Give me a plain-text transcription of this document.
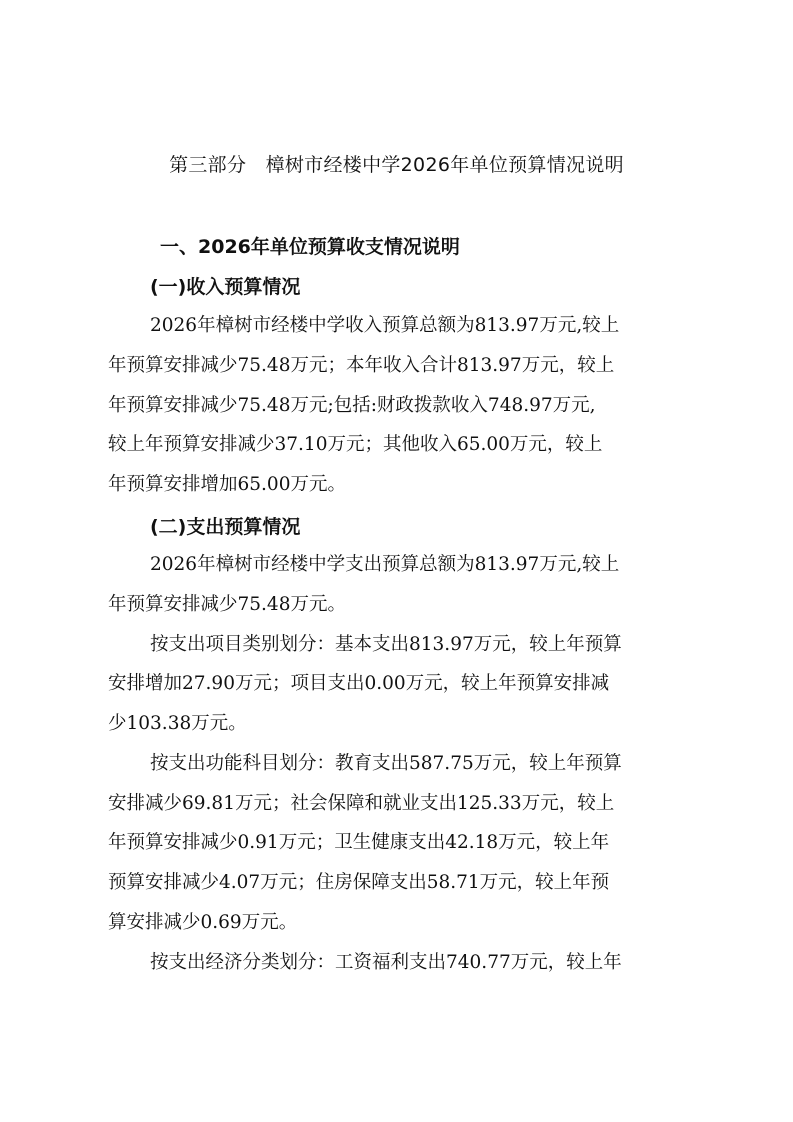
第三部分　樟树市经楼中学2026年单位预算情况说明
一、2026年单位预算收支情况说明
(一)收入预算情况
2026年樟树市经楼中学收入预算总额为813.97万元,较上
年预算安排减少75.48万元；本年收入合计813.97万元，较上
年预算安排减少75.48万元;包括:财政拨款收入748.97万元,
较上年预算安排减少37.10万元；其他收入65.00万元，较上
年预算安排增加65.00万元。
(二)支出预算情况
2026年樟树市经楼中学支出预算总额为813.97万元,较上
年预算安排减少75.48万元。
按支出项目类别划分：基本支出813.97万元，较上年预算
安排增加27.90万元；项目支出0.00万元，较上年预算安排减
少103.38万元。
按支出功能科目划分：教育支出587.75万元，较上年预算
安排减少69.81万元；社会保障和就业支出125.33万元，较上
年预算安排减少0.91万元；卫生健康支出42.18万元，较上年
预算安排减少4.07万元；住房保障支出58.71万元，较上年预
算安排减少0.69万元。
按支出经济分类划分：工资福利支出740.77万元，较上年
